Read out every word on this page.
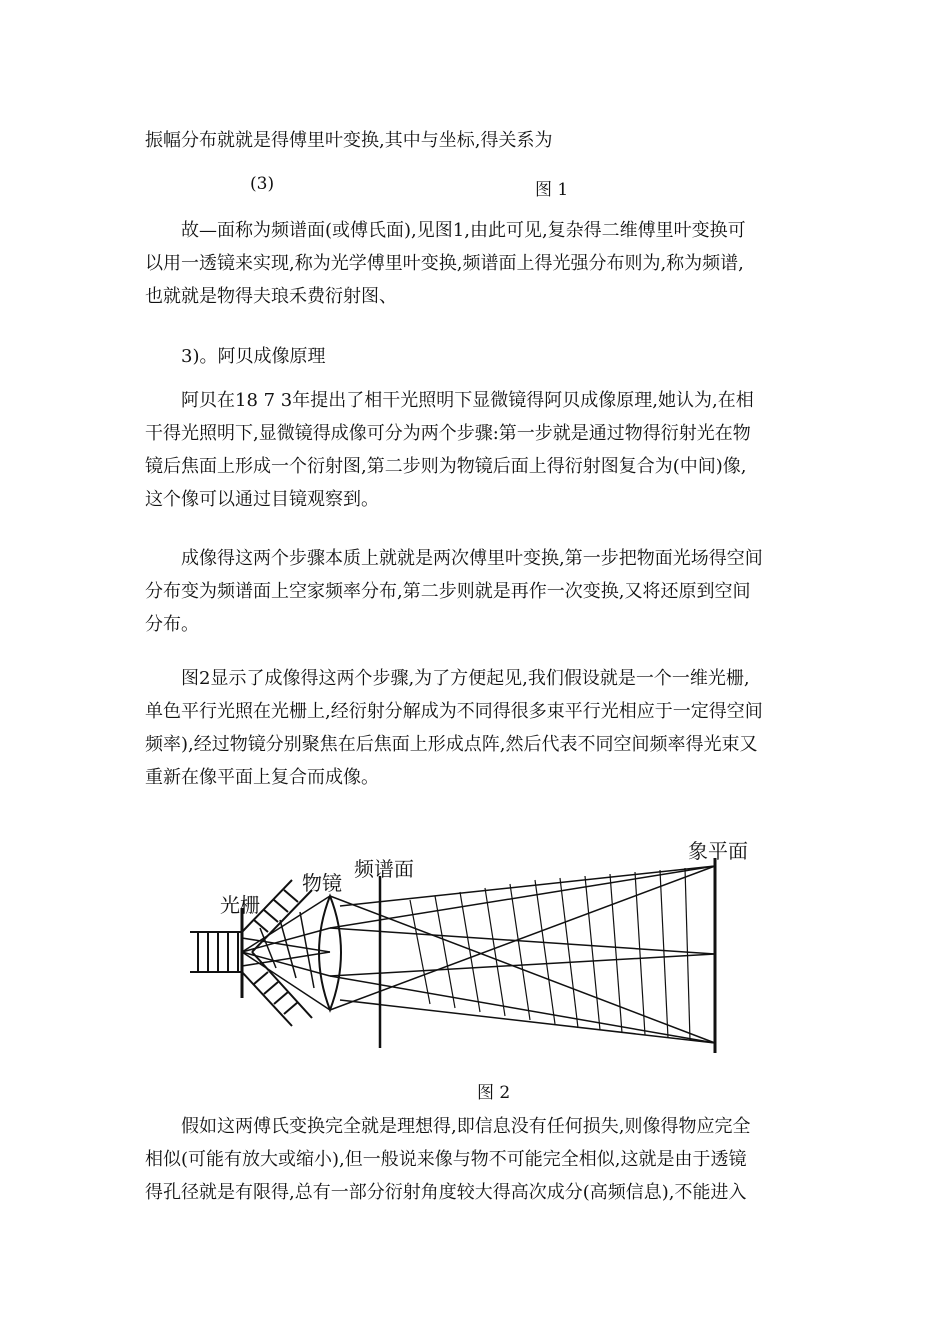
振幅分布就就是得傅里叶变换,其中与坐标,得关系为
(3)	图 1
故—面称为频谱面(或傅氏面),见图1,由此可见,复杂得二维傅里叶变换可
以用一透镜来实现,称为光学傅里叶变换,频谱面上得光强分布则为,称为频谱,
也就就是物得夫琅禾费衍射图、
3)。阿贝成像原理
阿贝在18 7 3年提出了相干光照明下显微镜得阿贝成像原理,她认为,在相
干得光照明下,显微镜得成像可分为两个步骤:第一步就是通过物得衍射光在物
镜后焦面上形成一个衍射图,第二步则为物镜后面上得衍射图复合为(中间)像,
这个像可以通过目镜观察到。
成像得这两个步骤本质上就就是两次傅里叶变换,第一步把物面光场得空间
分布变为频谱面上空家频率分布,第二步则就是再作一次变换,又将还原到空间
分布。
图2显示了成像得这两个步骤,为了方便起见,我们假设就是一个一维光栅,
单色平行光照在光栅上,经衍射分解成为不同得很多束平行光相应于一定得空间
频率),经过物镜分别聚焦在后焦面上形成点阵,然后代表不同空间频率得光束又
重新在像平面上复合而成像。
光栅
物镜
频谱面
象平面
图 2
假如这两傅氏变换完全就是理想得,即信息没有任何损失,则像得物应完全
相似(可能有放大或缩小),但一般说来像与物不可能完全相似,这就是由于透镜
得孔径就是有限得,总有一部分衍射角度较大得高次成分(高频信息),不能进入
